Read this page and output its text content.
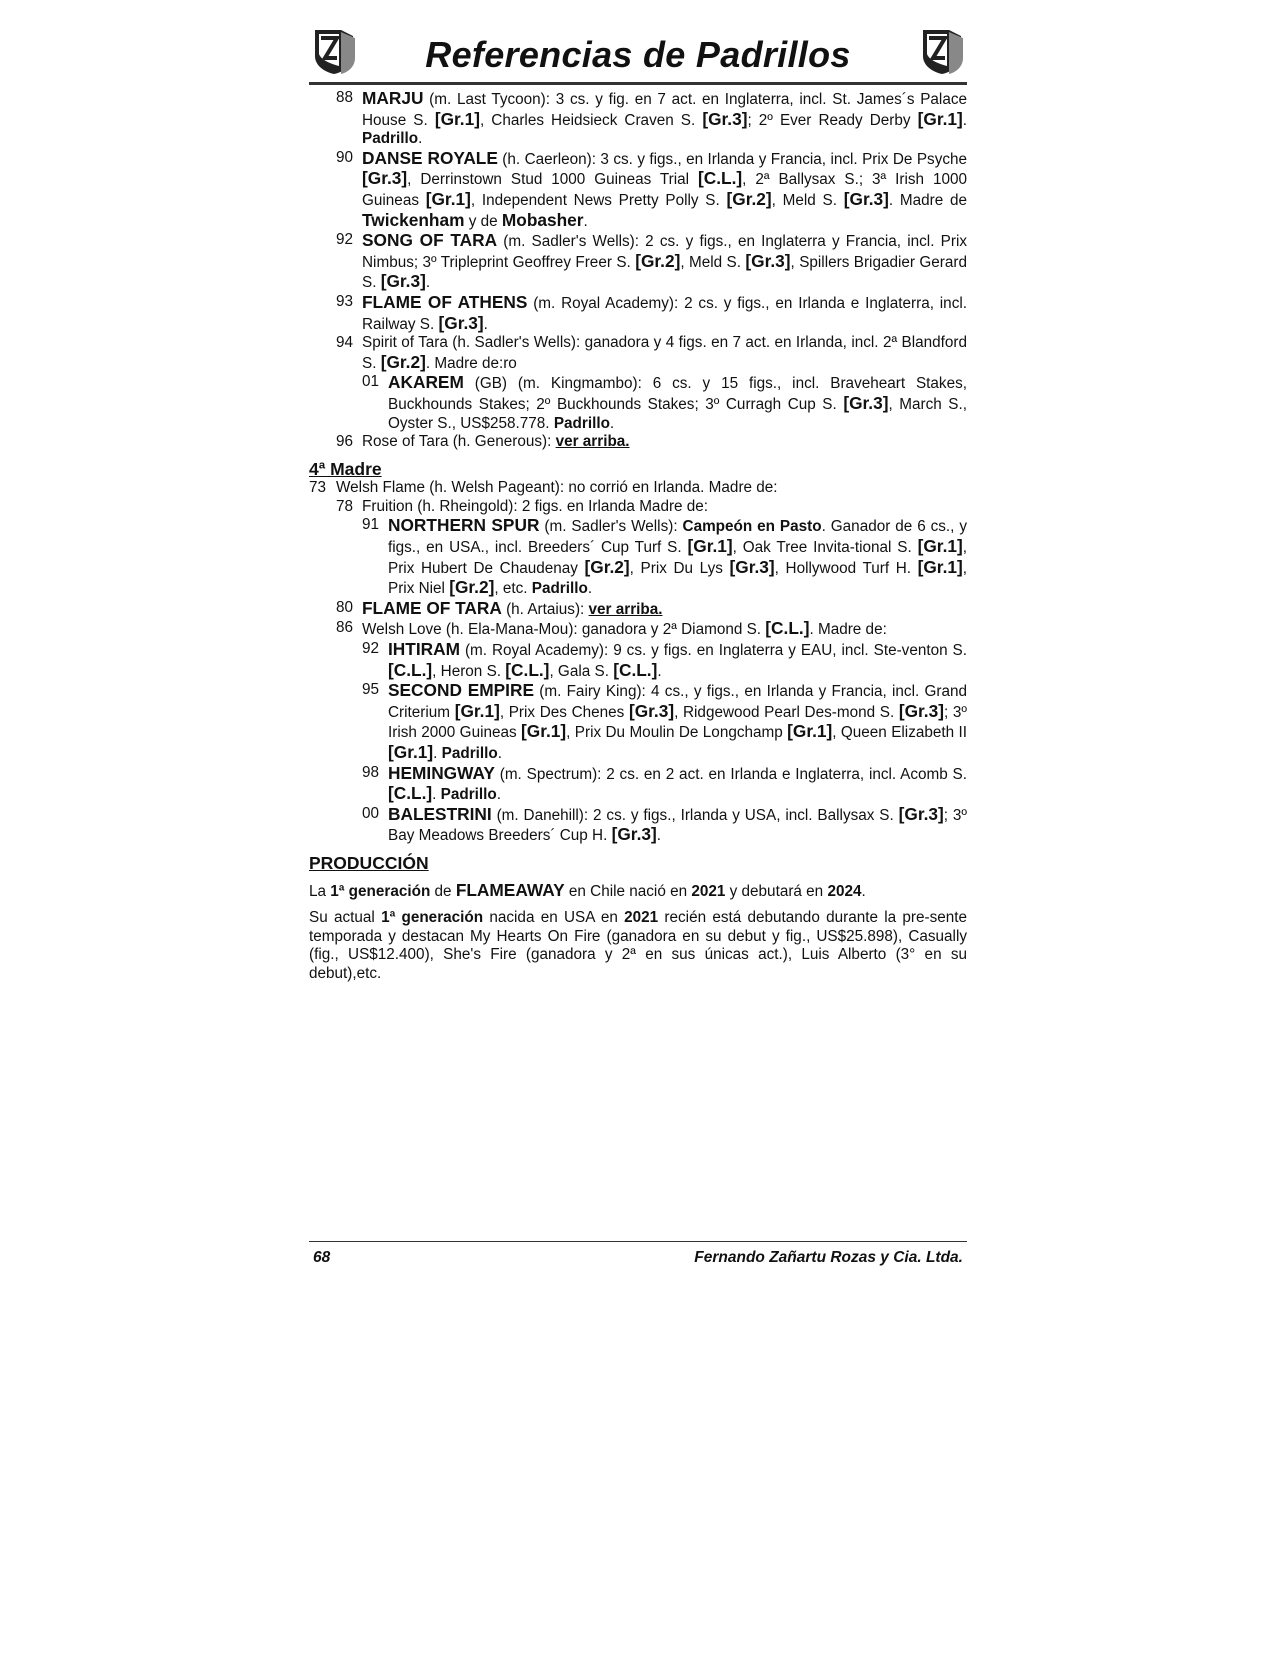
Referencias de Padrillos
88 MARJU (m. Last Tycoon): 3 cs. y fig. en 7 act. en Inglaterra, incl. St. James´s Palace House S. [Gr.1], Charles Heidsieck Craven S. [Gr.3]; 2º Ever Ready Derby [Gr.1]. Padrillo.
90 DANSE ROYALE (h. Caerleon): 3 cs. y figs., en Irlanda y Francia, incl. Prix De Psyche [Gr.3], Derrinstown Stud 1000 Guineas Trial [C.L.], 2ª Ballysax S.; 3ª Irish 1000 Guineas [Gr.1], Independent News Pretty Polly S. [Gr.2], Meld S. [Gr.3]. Madre de Twickenham y de Mobasher.
92 SONG OF TARA (m. Sadler's Wells): 2 cs. y figs., en Inglaterra y Francia, incl. Prix Nimbus; 3º Tripleprint Geoffrey Freer S. [Gr.2], Meld S. [Gr.3], Spillers Brigadier Gerard S. [Gr.3].
93 FLAME OF ATHENS (m. Royal Academy): 2 cs. y figs., en Irlanda e Inglaterra, incl. Railway S. [Gr.3].
94 Spirit of Tara (h. Sadler's Wells): ganadora y 4 figs. en 7 act. en Irlanda, incl. 2ª Blandford S. [Gr.2]. Madre de:ro
01 AKAREM (GB) (m. Kingmambo): 6 cs. y 15 figs., incl. Braveheart Stakes, Buckhounds Stakes; 2º Buckhounds Stakes; 3º Curragh Cup S. [Gr.3], March S., Oyster S., US$258.778. Padrillo.
96 Rose of Tara (h. Generous): ver arriba.
4ª Madre
73 Welsh Flame (h. Welsh Pageant): no corrió en Irlanda. Madre de:
78 Fruition (h. Rheingold): 2 figs. en Irlanda Madre de:
91 NORTHERN SPUR (m. Sadler's Wells): Campeón en Pasto. Ganador de 6 cs., y figs., en USA., incl. Breeders´ Cup Turf S. [Gr.1], Oak Tree Invita-tional S. [Gr.1], Prix Hubert De Chaudenay [Gr.2], Prix Du Lys [Gr.3], Hollywood Turf H. [Gr.1], Prix Niel [Gr.2], etc. Padrillo.
80 FLAME OF TARA (h. Artaius): ver arriba.
86 Welsh Love (h. Ela-Mana-Mou): ganadora y 2ª Diamond S. [C.L.]. Madre de:
92 IHTIRAM (m. Royal Academy): 9 cs. y figs. en Inglaterra y EAU, incl. Ste-venton S. [C.L.], Heron S. [C.L.], Gala S. [C.L.].
95 SECOND EMPIRE (m. Fairy King): 4 cs., y figs., en Irlanda y Francia, incl. Grand Criterium [Gr.1], Prix Des Chenes [Gr.3], Ridgewood Pearl Des-mond S. [Gr.3]; 3º Irish 2000 Guineas [Gr.1], Prix Du Moulin De Longchamp [Gr.1], Queen Elizabeth II [Gr.1]. Padrillo.
98 HEMINGWAY (m. Spectrum): 2 cs. en 2 act. en Irlanda e Inglaterra, incl. Acomb S. [C.L.]. Padrillo.
00 BALESTRINI (m. Danehill): 2 cs. y figs., Irlanda y USA, incl. Ballysax S. [Gr.3]; 3º Bay Meadows Breeders´ Cup H. [Gr.3].
PRODUCCIÓN
La 1ª generación de FLAMEAWAY en Chile nació en 2021 y debutará en 2024.
Su actual 1ª generación nacida en USA en 2021 recién está debutando durante la pre-sente temporada y destacan My Hearts On Fire (ganadora en su debut y fig., US$25.898), Casually (fig., US$12.400), She's Fire (ganadora y 2ª en sus únicas act.), Luis Alberto (3° en su debut),etc.
68	Fernando Zañartu Rozas y Cia. Ltda.
